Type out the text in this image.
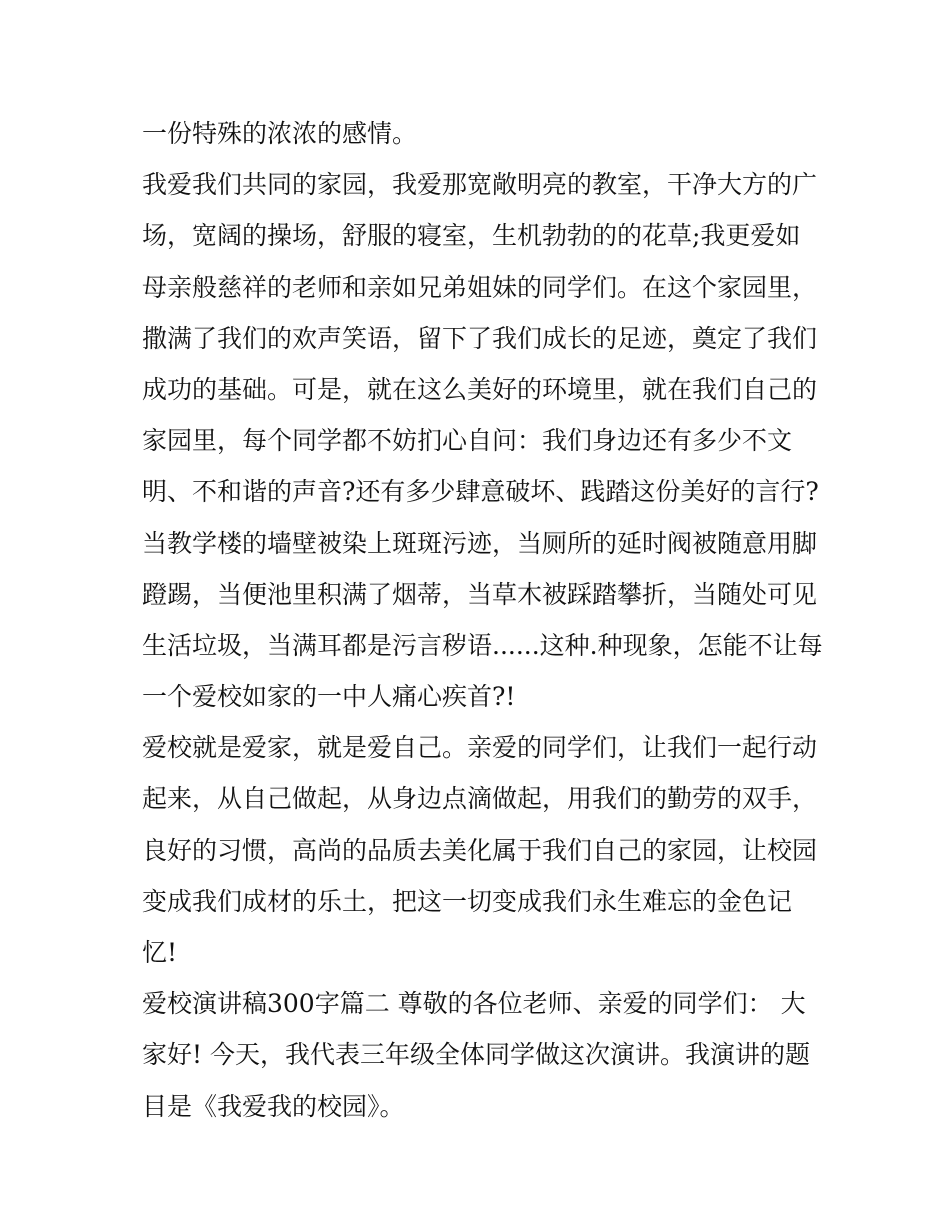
一份特殊的浓浓的感情。
我爱我们共同的家园，我爱那宽敞明亮的教室，干净大方的广
场，宽阔的操场，舒服的寝室，生机勃勃的的花草;我更爱如
母亲般慈祥的老师和亲如兄弟姐妹的同学们。在这个家园里，
撒满了我们的欢声笑语，留下了我们成长的足迹，奠定了我们
成功的基础。可是，就在这么美好的环境里，就在我们自己的
家园里，每个同学都不妨扪心自问：我们身边还有多少不文
明、不和谐的声音?还有多少肆意破坏、践踏这份美好的言行?
当教学楼的墙壁被染上斑斑污迹，当厕所的延时阀被随意用脚
蹬踢，当便池里积满了烟蒂，当草木被踩踏攀折，当随处可见
生活垃圾，当满耳都是污言秽语......这种.种现象，怎能不让每
一个爱校如家的一中人痛心疾首?!
爱校就是爱家，就是爱自己。亲爱的同学们，让我们一起行动
起来，从自己做起，从身边点滴做起，用我们的勤劳的双手，
良好的习惯，高尚的品质去美化属于我们自己的家园，让校园
变成我们成材的乐土，把这一切变成我们永生难忘的金色记
忆!
爱校演讲稿300字篇二 尊敬的各位老师、亲爱的同学们： 大
家好! 今天，我代表三年级全体同学做这次演讲。我演讲的题
目是《我爱我的校园》。
